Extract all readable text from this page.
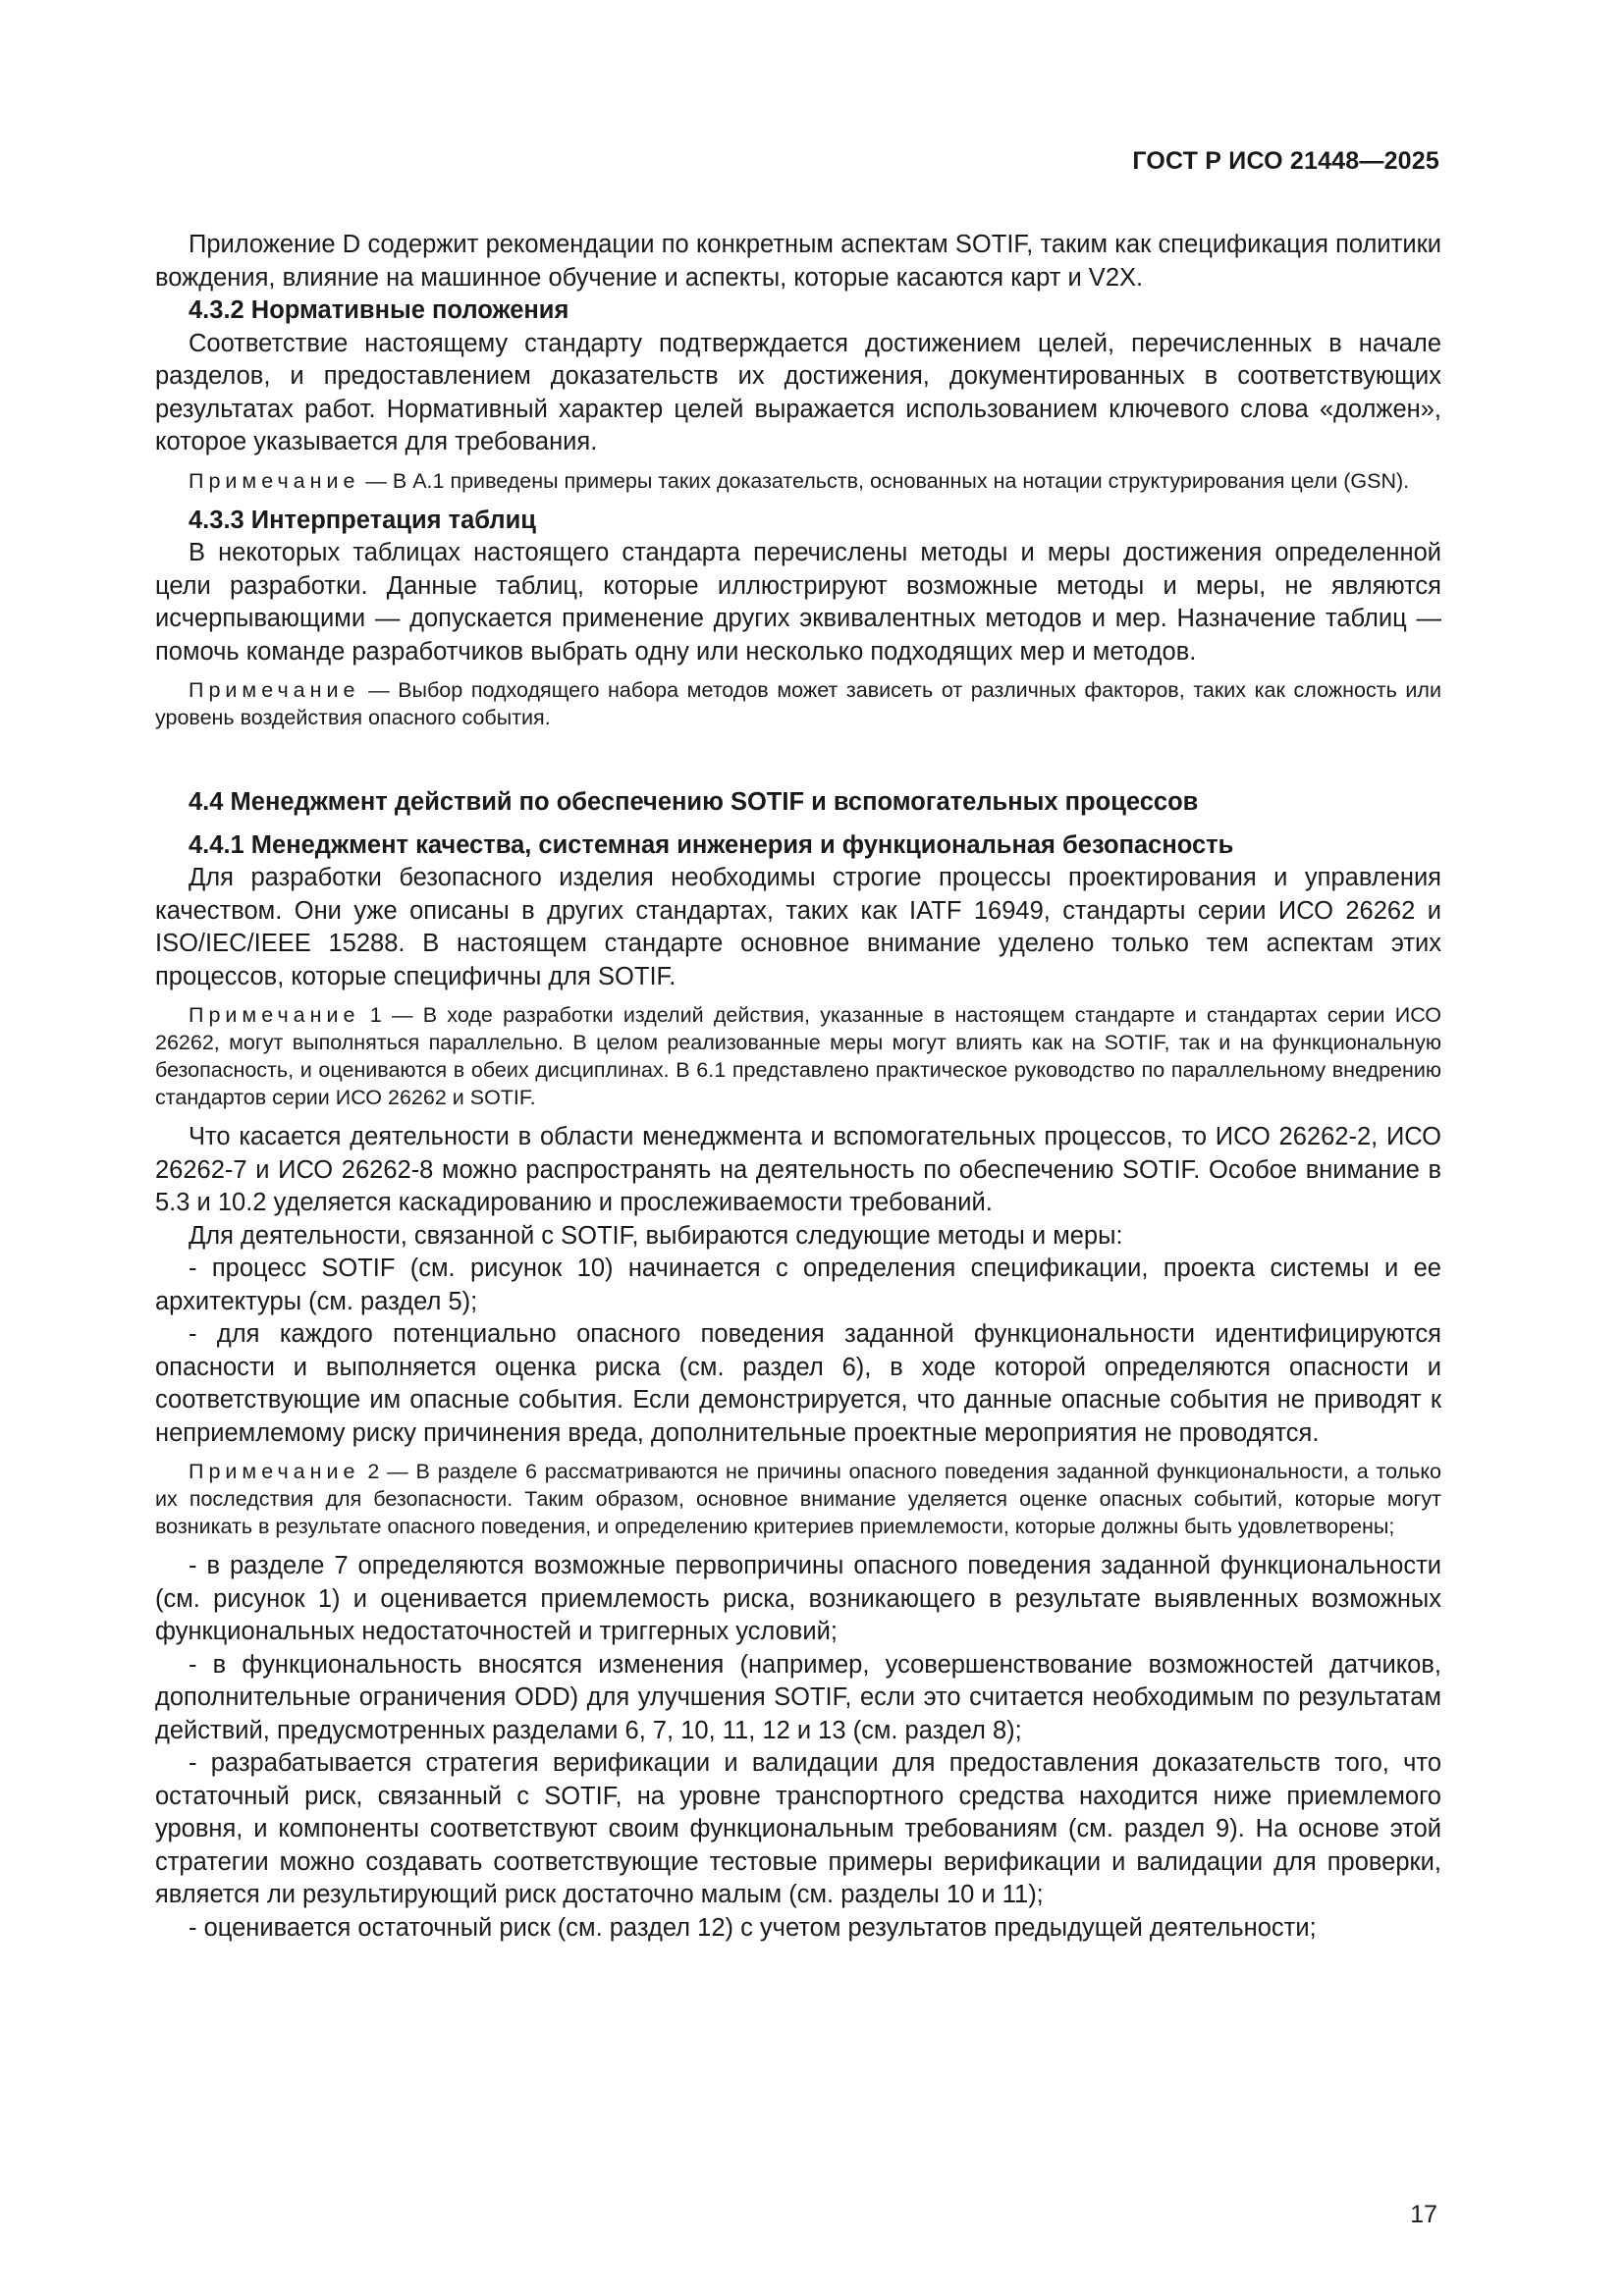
ГОСТ Р ИСО 21448—2025

Приложение D содержит рекомендации по конкретным аспектам SOTIF, таким как спецификация политики вождения, влияние на машинное обучение и аспекты, которые касаются карт и V2X.

4.3.2 Нормативные положения

Соответствие настоящему стандарту подтверждается достижением целей, перечисленных в начале разделов, и предоставлением доказательств их достижения, документированных в соответствующих результатах работ. Нормативный характер целей выражается использованием ключевого слова «должен», которое указывается для требования.

Примечание — В А.1 приведены примеры таких доказательств, основанных на нотации структурирования цели (GSN).

4.3.3 Интерпретация таблиц

В некоторых таблицах настоящего стандарта перечислены методы и меры достижения определенной цели разработки. Данные таблиц, которые иллюстрируют возможные методы и меры, не являются исчерпывающими — допускается применение других эквивалентных методов и мер. Назначение таблиц — помочь команде разработчиков выбрать одну или несколько подходящих мер и методов.

Примечание — Выбор подходящего набора методов может зависеть от различных факторов, таких как сложность или уровень воздействия опасного события.

4.4 Менеджмент действий по обеспечению SOTIF и вспомогательных процессов
4.4.1 Менеджмент качества, системная инженерия и функциональная безопасность

Для разработки безопасного изделия необходимы строгие процессы проектирования и управления качеством. Они уже описаны в других стандартах, таких как IATF 16949, стандарты серии ИСО 26262 и ISO/IEC/IEEE 15288. В настоящем стандарте основное внимание уделено только тем аспектам этих процессов, которые специфичны для SOTIF.

Примечание 1 — В ходе разработки изделий действия, указанные в настоящем стандарте и стандартах серии ИСО 26262, могут выполняться параллельно. В целом реализованные меры могут влиять как на SOTIF, так и на функциональную безопасность, и оцениваются в обеих дисциплинах. В 6.1 представлено практическое руководство по параллельному внедрению стандартов серии ИСО 26262 и SOTIF.

Что касается деятельности в области менеджмента и вспомогательных процессов, то ИСО 26262-2, ИСО 26262-7 и ИСО 26262-8 можно распространять на деятельность по обеспечению SOTIF. Особое внимание в 5.3 и 10.2 уделяется каскадированию и прослеживаемости требований.

Для деятельности, связанной с SOTIF, выбираются следующие методы и меры:

- процесс SOTIF (см. рисунок 10) начинается с определения спецификации, проекта системы и ее архитектуры (см. раздел 5);

- для каждого потенциально опасного поведения заданной функциональности идентифицируются опасности и выполняется оценка риска (см. раздел 6), в ходе которой определяются опасности и соответствующие им опасные события. Если демонстрируется, что данные опасные события не приводят к неприемлемому риску причинения вреда, дополнительные проектные мероприятия не проводятся.

Примечание 2 — В разделе 6 рассматриваются не причины опасного поведения заданной функциональности, а только их последствия для безопасности. Таким образом, основное внимание уделяется оценке опасных событий, которые могут возникать в результате опасного поведения, и определению критериев приемлемости, которые должны быть удовлетворены;

- в разделе 7 определяются возможные первопричины опасного поведения заданной функциональности (см. рисунок 1) и оценивается приемлемость риска, возникающего в результате выявленных возможных функциональных недостаточностей и триггерных условий;

- в функциональность вносятся изменения (например, усовершенствование возможностей датчиков, дополнительные ограничения ODD) для улучшения SOTIF, если это считается необходимым по результатам действий, предусмотренных разделами 6, 7, 10, 11, 12 и 13 (см. раздел 8);

- разрабатывается стратегия верификации и валидации для предоставления доказательств того, что остаточный риск, связанный с SOTIF, на уровне транспортного средства находится ниже приемлемого уровня, и компоненты соответствуют своим функциональным требованиям (см. раздел 9). На основе этой стратегии можно создавать соответствующие тестовые примеры верификации и валидации для проверки, является ли результирующий риск достаточно малым (см. разделы 10 и 11);

- оценивается остаточный риск (см. раздел 12) с учетом результатов предыдущей деятельности;

17
